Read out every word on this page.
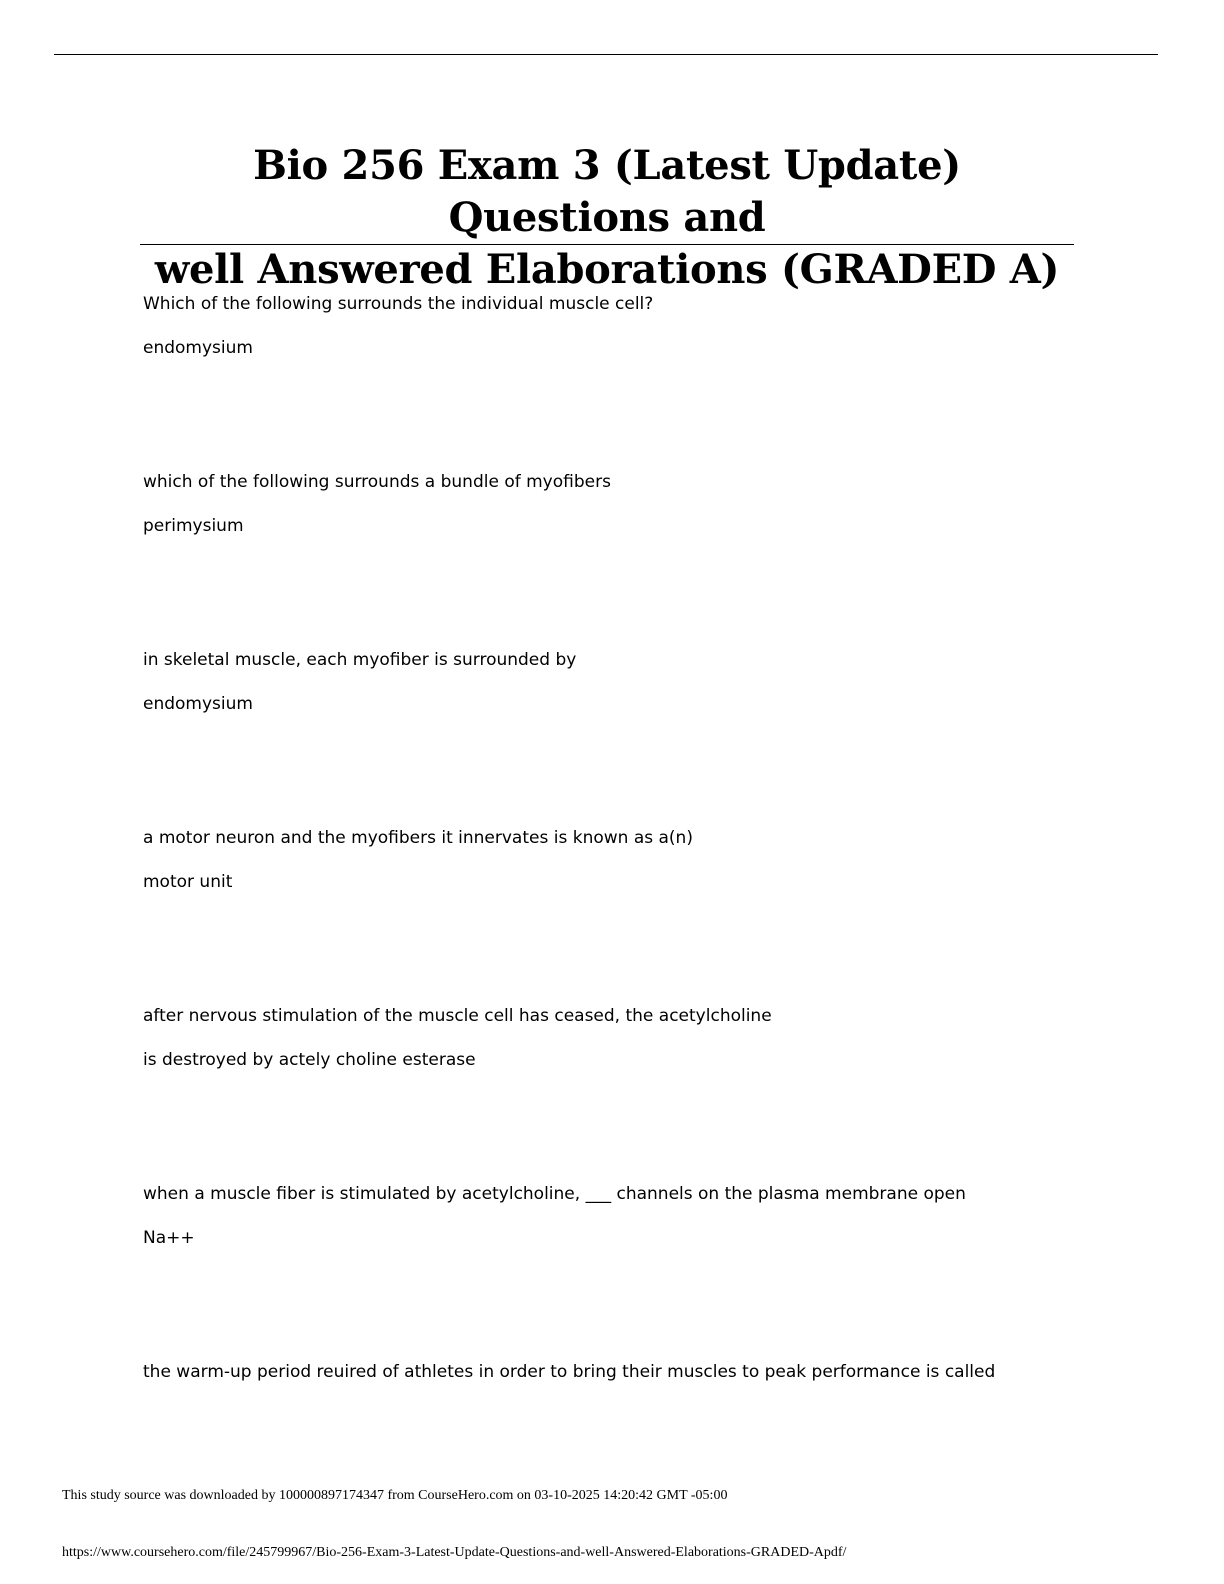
Bio 256 Exam 3 (Latest Update) Questions and
well Answered Elaborations (GRADED A)
Which of the following surrounds the individual muscle cell?
endomysium
which of the following surrounds a bundle of myofibers
perimysium
in skeletal muscle, each myofiber is surrounded by
endomysium
a motor neuron and the myofibers it innervates is known as a(n)
motor unit
after nervous stimulation of the muscle cell has ceased, the acetylcholine
is destroyed by actely choline esterase
when a muscle fiber is stimulated by acetylcholine, ___ channels on the plasma membrane open
Na++
the warm-up period reuired of athletes in order to bring their muscles to peak performance is called
This study source was downloaded by 100000897174347 from CourseHero.com on 03-10-2025 14:20:42 GMT -05:00
https://www.coursehero.com/file/245799967/Bio-256-Exam-3-Latest-Update-Questions-and-well-Answered-Elaborations-GRADED-Apdf/
